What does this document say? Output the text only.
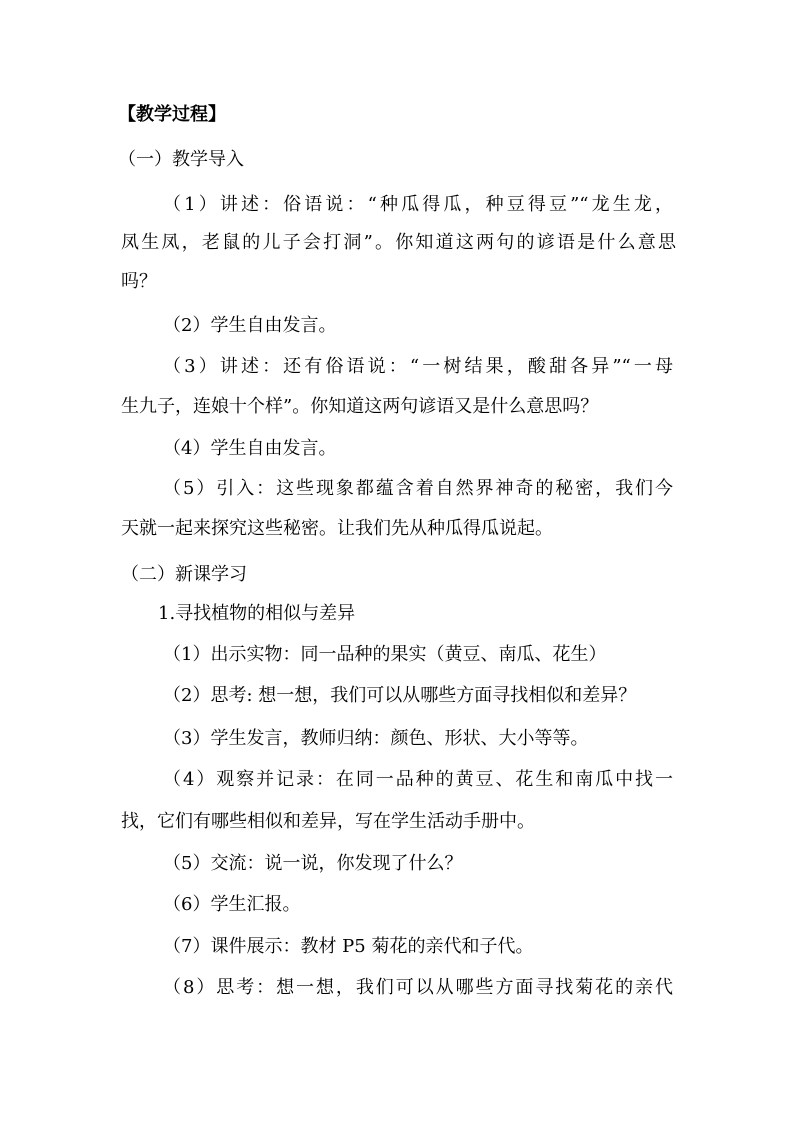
【教学过程】
（一）教学导入
（1）讲述：俗语说：“种瓜得瓜，种豆得豆”“龙生龙，
凤生凤，老鼠的儿子会打洞”。你知道这两句的谚语是什么意思
吗？
（2）学生自由发言。
（3）讲述：还有俗语说：“一树结果，酸甜各异”“一母
生九子，连娘十个样”。你知道这两句谚语又是什么意思吗？
（4）学生自由发言。
（5）引入：这些现象都蕴含着自然界神奇的秘密，我们今
天就一起来探究这些秘密。让我们先从种瓜得瓜说起。
（二）新课学习
1.寻找植物的相似与差异
（1）出示实物：同一品种的果实（黄豆、南瓜、花生）
（2）思考: 想一想，我们可以从哪些方面寻找相似和差异？
（3）学生发言，教师归纳：颜色、形状、大小等等。
（4）观察并记录：在同一品种的黄豆、花生和南瓜中找一
找，它们有哪些相似和差异，写在学生活动手册中。
（5）交流：说一说，你发现了什么？
（6）学生汇报。
（7）课件展示：教材 P5 菊花的亲代和子代。
（8）思考：想一想，我们可以从哪些方面寻找菊花的亲代
